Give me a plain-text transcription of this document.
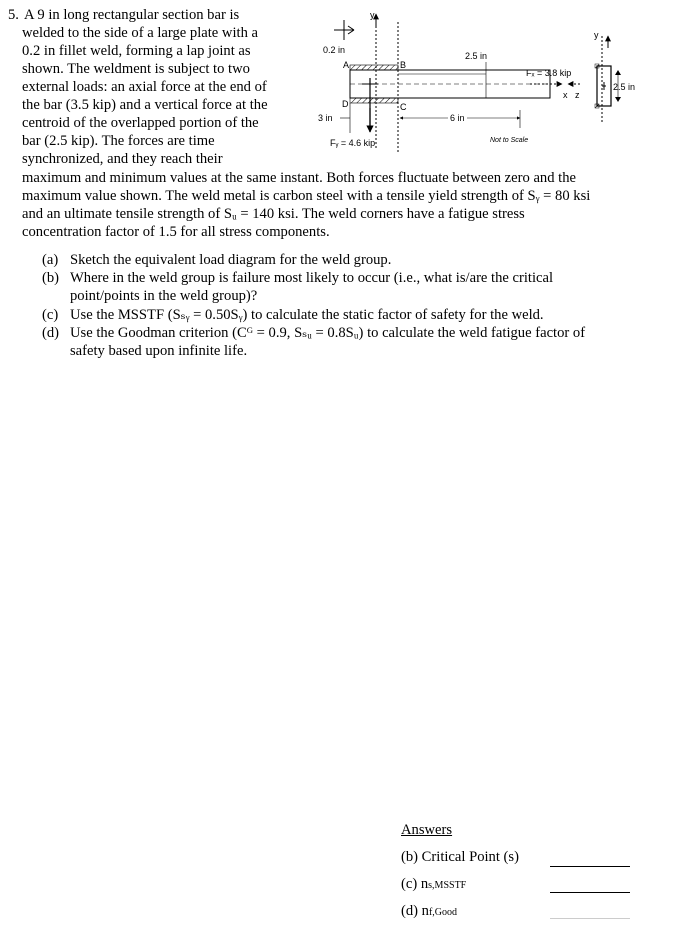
5. A 9 in long rectangular section bar is
welded to the side of a large plate with a
0.2 in fillet weld, forming a lap joint as
shown. The weldment is subject to two
external loads: an axial force at the end of
the bar (3.5 kip) and a vertical force at the
centroid of the overlapped portion of the
bar (2.5 kip). The forces are time
synchronized, and they reach their
maximum and minimum values at the same instant. Both forces fluctuate between zero and the
maximum value shown. The weld metal is carbon steel with a tensile yield strength of Sᵧ = 80 ksi
and an ultimate tensile strength of Sᵤ = 140 ksi. The weld corners have a fatigue stress
concentration factor of 1.5 for all stress components.
(a) Sketch the equivalent load diagram for the weld group.
(b) Where in the weld group is failure most likely to occur (i.e., what is/are the critical
point/points in the weld group)?
(c) Use the MSSTF (Sₛᵧ = 0.50Sᵧ) to calculate the static factor of safety for the weld.
(d) Use the Goodman criterion (Cᴳ = 0.9, Sₛᵤ = 0.8Sᵤ) to calculate the weld fatigue factor of
safety based upon infinite life.
y
0.2 in
A	B
D	C
2.5 in
3 in	6 in
Fᵧ = 4.6 kip	Not to Scale
Fₓ = 3.8 kip
x z
y
2.5 in
Answers
(b) Critical Point (s)
(c) ns,MSSTF
(d) nf,Good
